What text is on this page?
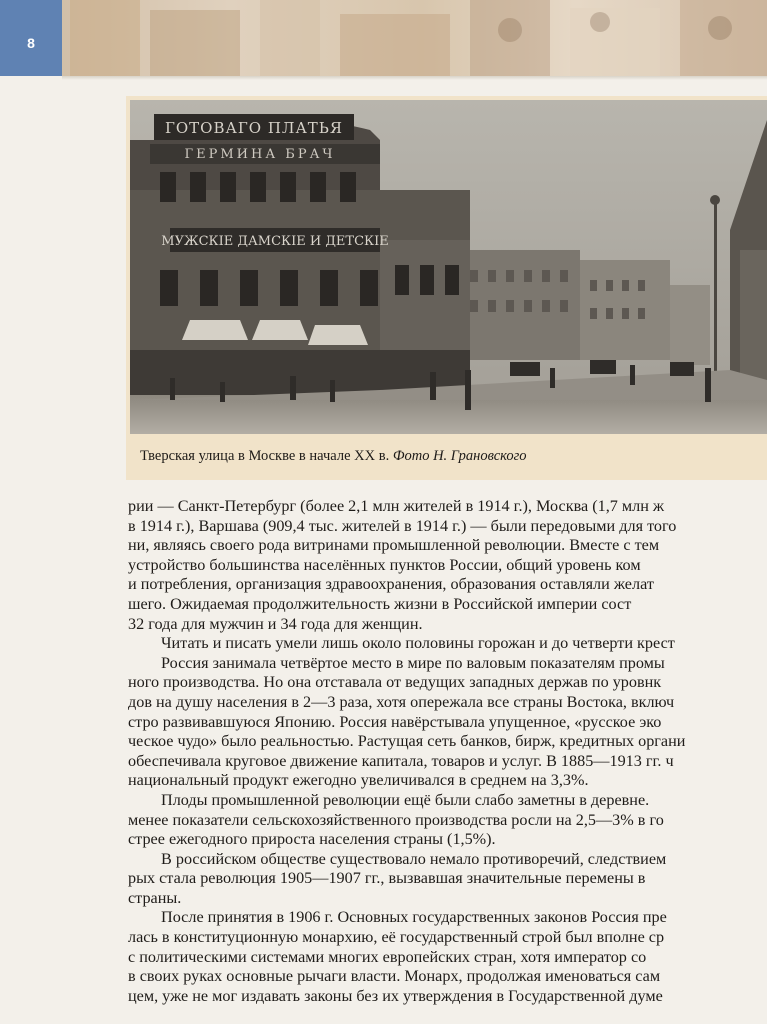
8
ГОТОВАГО ПЛАТЬЯ
ГЕРМИНА БРАЧ
МУЖСКІЕ ДАМСКІЕ И ДЕТСКІЕ
Тверская улица в Москве в начале XX в. Фото Н. Грановского
рии — Санкт-Петербург (более 2,1 млн жителей в 1914 г.), Москва (1,7 млн ж
в 1914 г.), Варшава (909,4 тыс. жителей в 1914 г.) — были передовыми для того
ни, являясь своего рода витринами промышленной революции. Вместе с тем
устройство большинства населённых пунктов России, общий уровень ком
и потребления, организация здравоохранения, образования оставляли желат
шего. Ожидаемая продолжительность жизни в Российской империи сост
32 года для мужчин и 34 года для женщин.
Читать и писать умели лишь около половины горожан и до четверти крест
Россия занимала четвёртое место в мире по валовым показателям промы
ного производства. Но она отставала от ведущих западных держав по уровнк
дов на душу населения в 2—3 раза, хотя опережала все страны Востока, включ
стро развивавшуюся Японию. Россия навёрстывала упущенное, «русское эко
ческое чудо» было реальностью. Растущая сеть банков, бирж, кредитных органи
обеспечивала круговое движение капитала, товаров и услуг. В 1885—1913 гг. ч
национальный продукт ежегодно увеличивался в среднем на 3,3%.
Плоды промышленной революции ещё были слабо заметны в деревне.
менее показатели сельскохозяйственного производства росли на 2,5—3% в го
стрее ежегодного прироста населения страны (1,5%).
В российском обществе существовало немало противоречий, следствием
рых стала революция 1905—1907 гг., вызвавшая значительные перемены в
страны.
После принятия в 1906 г. Основных государственных законов Россия пре
лась в конституционную монархию, её государственный строй был вполне ср
с политическими системами многих европейских стран, хотя император со
в своих руках основные рычаги власти. Монарх, продолжая именоваться сам
цем, уже не мог издавать законы без их утверждения в Государственной думе
